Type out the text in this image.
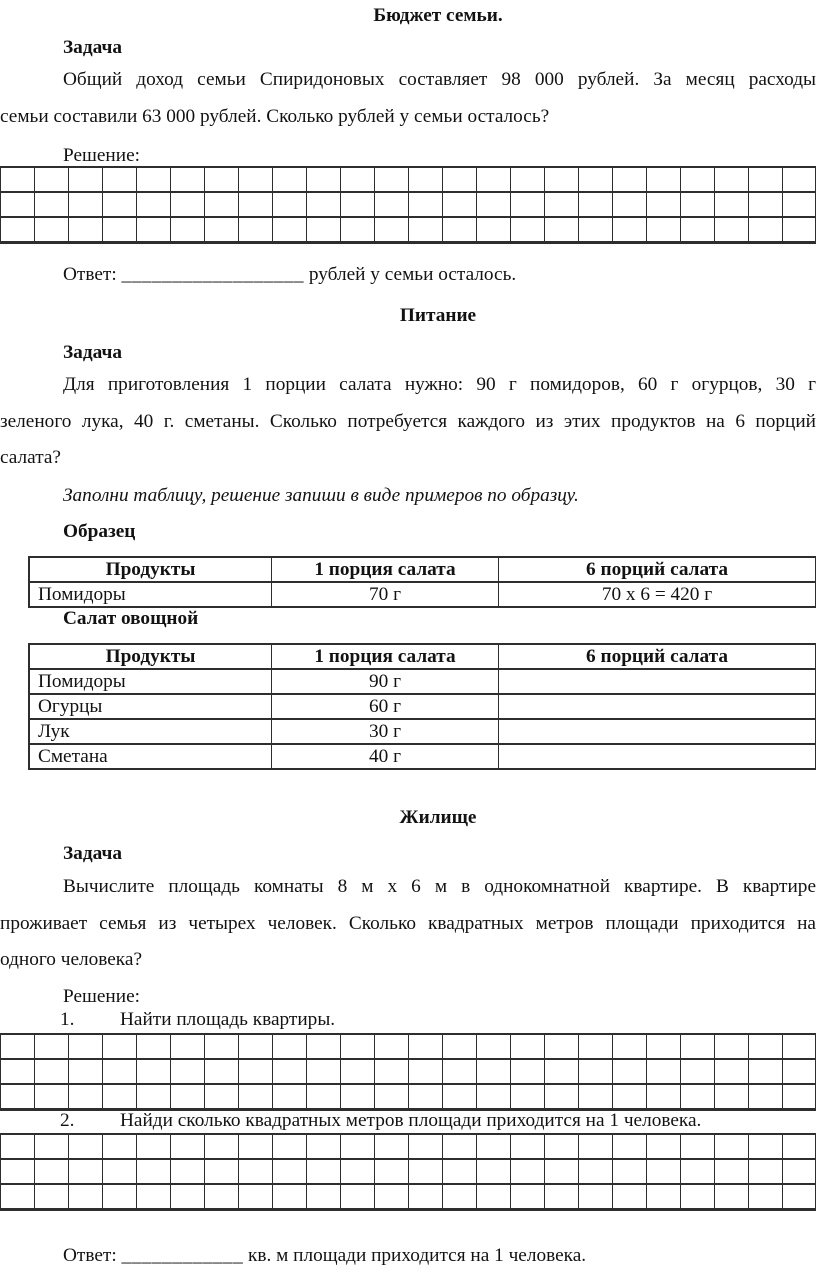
Бюджет семьи.
Задача
Общий доход семьи Спиридоновых составляет 98 000 рублей. За месяц расходы
семьи составили 63 000 рублей. Сколько рублей у семьи осталось?
Решение:
Ответ: __________________ рублей у семьи осталось.
Питание
Задача
Для приготовления 1 порции салата нужно: 90 г помидоров, 60 г огурцов, 30 г
зеленого лука, 40 г. сметаны. Сколько потребуется каждого из этих продуктов на 6 порций
салата?
Заполни таблицу, решение запиши в виде примеров по образцу.
Образец
Продукты	1 порция салата	6 порций салата
Помидоры	70 г	70 х 6 = 420 г
Салат овощной
Продукты	1 порция салата	6 порций салата
Помидоры	90 г
Огурцы	60 г
Лук	30 г
Сметана	40 г
Жилище
Задача
Вычислите площадь комнаты 8 м х 6 м в однокомнатной квартире. В квартире
проживает семья из четырех человек. Сколько квадратных метров площади приходится на
одного человека?
Решение:
1. Найти площадь квартиры.
2. Найди сколько квадратных метров площади приходится на 1 человека.
Ответ: ____________ кв. м площади приходится на 1 человека.
